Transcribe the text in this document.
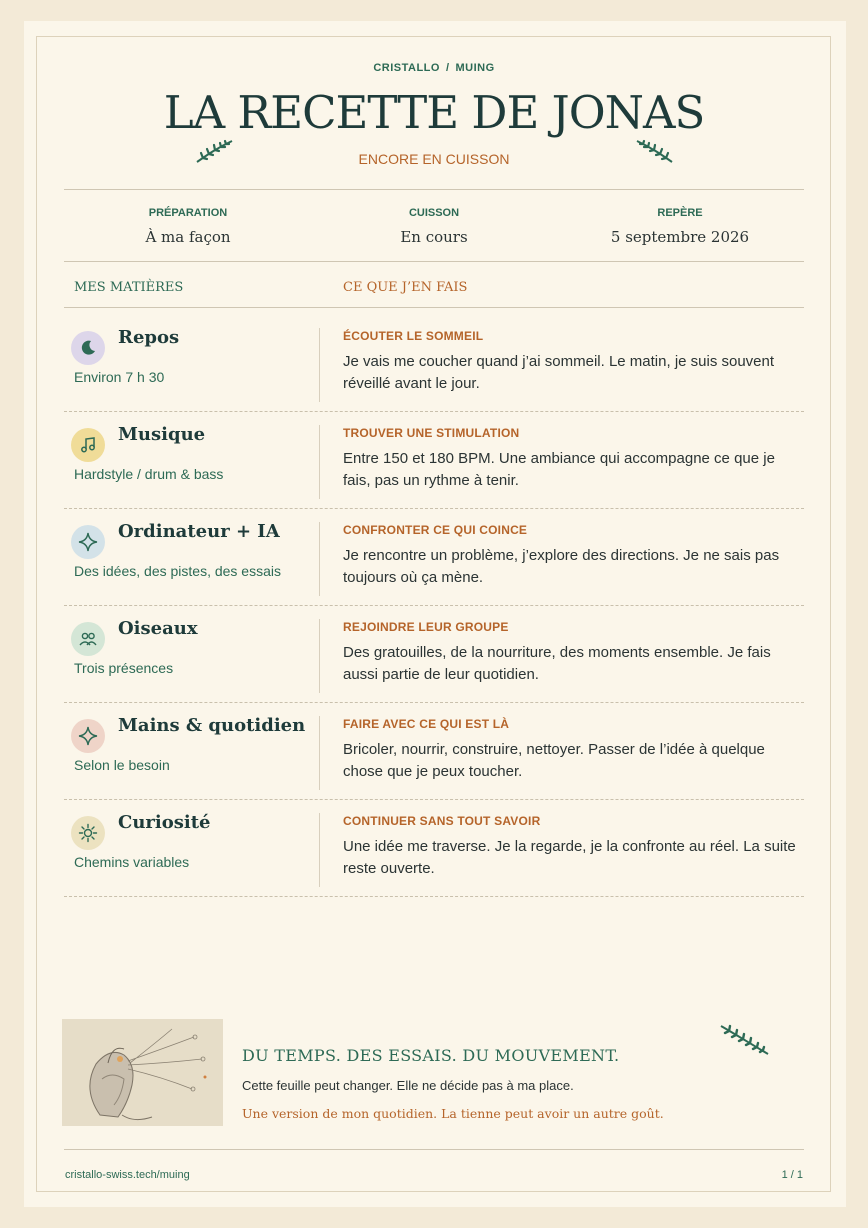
CRISTALLO / MUING
LA RECETTE DE JONAS
ENCORE EN CUISSON
PRÉPARATION
À ma façon
CUISSON
En cours
REPÈRE
5 septembre 2026
MES MATIÈRES	CE QUE J’EN FAIS
Repos
Environ 7 h 30
ÉCOUTER LE SOMMEIL
Je vais me coucher quand j’ai sommeil. Le matin, je suis souvent réveillé avant le jour.
Musique
Hardstyle / drum & bass
TROUVER UNE STIMULATION
Entre 150 et 180 BPM. Une ambiance qui accompagne ce que je fais, pas un rythme à tenir.
Ordinateur + IA
Des idées, des pistes, des essais
CONFRONTER CE QUI COINCE
Je rencontre un problème, j’explore des directions. Je ne sais pas toujours où ça mène.
Oiseaux
Trois présences
REJOINDRE LEUR GROUPE
Des gratouilles, de la nourriture, des moments ensemble. Je fais aussi partie de leur quotidien.
Mains & quotidien
Selon le besoin
FAIRE AVEC CE QUI EST LÀ
Bricoler, nourrir, construire, nettoyer. Passer de l’idée à quelque chose que je peux toucher.
Curiosité
Chemins variables
CONTINUER SANS TOUT SAVOIR
Une idée me traverse. Je la regarde, je la confronte au réel. La suite reste ouverte.
DU TEMPS. DES ESSAIS. DU MOUVEMENT.
Cette feuille peut changer. Elle ne décide pas à ma place.
Une version de mon quotidien. La tienne peut avoir un autre goût.
cristallo-swiss.tech/muing	1 / 1
